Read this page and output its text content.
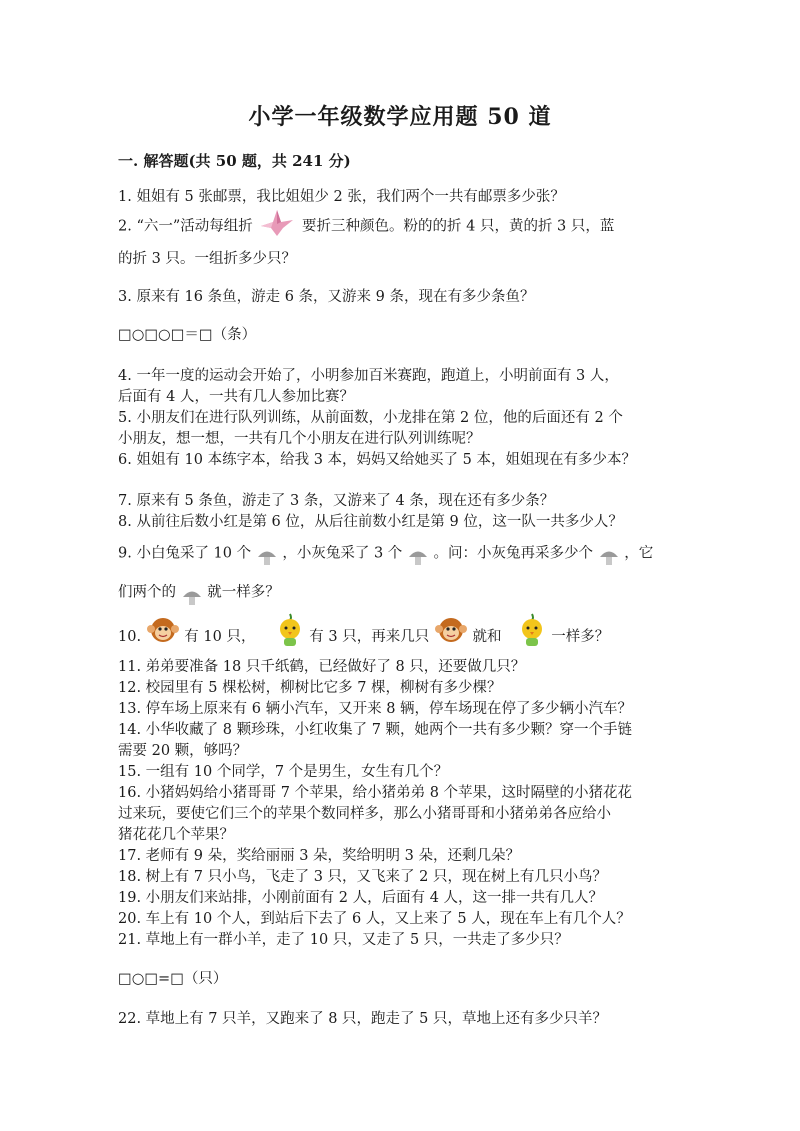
小学一年级数学应用题 50 道
一. 解答题(共 50 题，共 241 分)
1. 姐姐有 5 张邮票，我比姐姐少 2 张，我们两个一共有邮票多少张？
2. “六一”活动每组折	要折三种颜色。粉的的折 4 只，黄的折 3 只，蓝
的折 3 只。一组折多少只？
3. 原来有 16 条鱼，游走 6 条，又游来 9 条，现在有多少条鱼？
□○□○□＝□（条）
4. 一年一度的运动会开始了，小明参加百米赛跑，跑道上，小明前面有 3 人，
后面有 4 人，一共有几人参加比赛？
5. 小朋友们在进行队列训练，从前面数，小龙排在第 2 位，他的后面还有 2 个
小朋友，想一想，一共有几个小朋友在进行队列训练呢？
6. 姐姐有 10 本练字本，给我 3 本，妈妈又给她买了 5 本，姐姐现在有多少本？
7. 原来有 5 条鱼，游走了 3 条，又游来了 4 条，现在还有多少条？
8. 从前往后数小红是第 6 位，从后往前数小红是第 9 位，这一队一共多少人？
9. 小白兔采了 10 个 ，小灰兔采了 3 个 。问：小灰兔再采多少个 ，它
们两个的 就一样多？
10.	有 10 只，	有 3 只，再来几只	就和	一样多？
11. 弟弟要准备 18 只千纸鹤，已经做好了 8 只，还要做几只？
12. 校园里有 5 棵松树，柳树比它多 7 棵，柳树有多少棵？
13. 停车场上原来有 6 辆小汽车，又开来 8 辆，停车场现在停了多少辆小汽车？
14. 小华收藏了 8 颗珍珠，小红收集了 7 颗，她两个一共有多少颗？穿一个手链
需要 20 颗，够吗？
15. 一组有 10 个同学，7 个是男生，女生有几个？
16. 小猪妈妈给小猪哥哥 7 个苹果，给小猪弟弟 8 个苹果，这时隔壁的小猪花花
过来玩，要使它们三个的苹果个数同样多，那么小猪哥哥和小猪弟弟各应给小
猪花花几个苹果？
17. 老师有 9 朵，奖给丽丽 3 朵，奖给明明 3 朵，还剩几朵？
18. 树上有 7 只小鸟，飞走了 3 只，又飞来了 2 只，现在树上有几只小鸟？
19. 小朋友们来站排，小刚前面有 2 人，后面有 4 人，这一排一共有几人？
20. 车上有 10 个人，到站后下去了 6 人，又上来了 5 人，现在车上有几个人？
21. 草地上有一群小羊，走了 10 只，又走了 5 只，一共走了多少只？
□○□=□（只）
22. 草地上有 7 只羊，又跑来了 8 只，跑走了 5 只，草地上还有多少只羊？
